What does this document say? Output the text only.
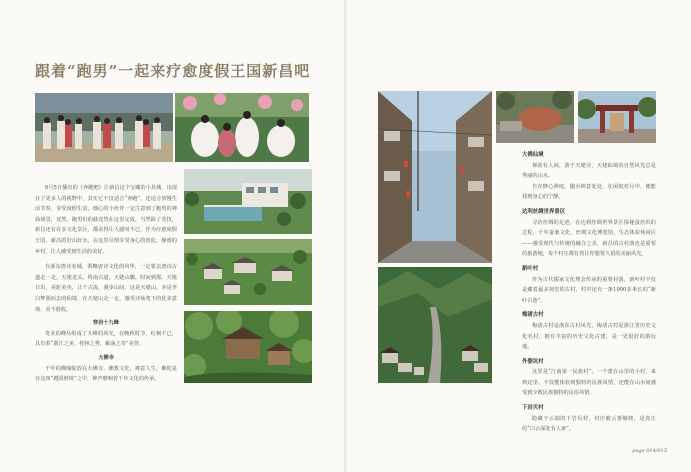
跟着“跑男”一起来疗愈度假王国新昌吧

6月5日播出的《奔跑吧》让新昌这个宝藏的小县城，出现在了更多人的视野中，其实它不仅适合“奔跑”，还适合放慢生活节奏，享受度假生活，细心的小伙伴一定注意到了跑男的神仙场景，竟然，跑男们的截竟然在这里完成，当然除了竞技，新昌还有许多文化景区，都美得让人感叹不已，作为疗愈度假王国，新昌的好山好水，在这里尽情享受身心的放松，静谧的乡村，让人感受到生活的美好。

在浙东唐诗名城，领略唐诗文化的风华，一定要去唐诗古道走一走。天姥龙头，终南古道，天姥山脚，时间到那，天姥日出，美轮美奂，让千古流，漫步山间，这是天姥山，亦是李白梦游而去的仙境，在天姥山走一走，感受诗仙笔下的优美意境，美不胜收。

穿岩十九峰

奇美的峰丛组成了九峰的风光，在晚秋时节，红枫不已，具有着“浙江之美，桂林之秀，雁荡之奇”美誉。

大佛寺

千年的佛缘绽放在大佛寺。佛教文化，禅意人生，佛陀是在这座“越国胜境”之中，神声磨响着千年文化的传承。

大佛仙境

禅韵有人间，游于天姥旁，天姥仙境的自然风光总是秀丽的山水。

自在修心禅庭，随水禅意处处，在闲庭对月中，便能找到身心的宁静。

达利丝绸世界景区

寻访丝绸的足迹，在达利丝绸世界景区探秘蚕丝织的过程，千年蚕桑文化，丝绸文化博览馆，生态体验休闲区——感受现代与传统的融合之美，新昌的古村落也是重要的旅游地，每个村庄都有着让你想要久留的美丽风光。

新叶村

作为古代儒家文化理念传承的重要村落，新叶村不仅是藏着最多祠堂的古村，村中还有一条1000多米长的“新叶古巷”。

梅渚古村

梅渚古村是浙东古村风光，梅渚古村是浙江省历史文化名村，拥有丰富的历史文化古建，是一处很好的游玩地。

外婆坑村

这里是“江南第一民族村”，一个建在山里的小村，来到这里，不仅能体验到独特的民族风情，还能在山水间感受到少数民族独特的民俗风情。

下岩贝村

隐藏于云端的下岩贝村，村庄被云雾缭绕，是真正的“白云深处有人家”。

page 014/015
